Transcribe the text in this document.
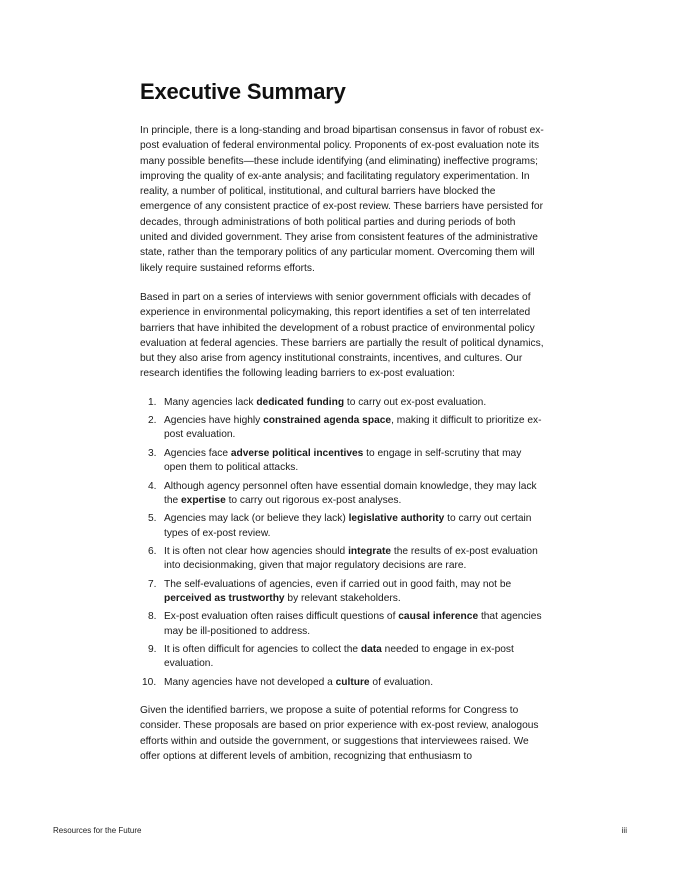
Executive Summary

In principle, there is a long-standing and broad bipartisan consensus in favor of robust ex-post evaluation of federal environmental policy. Proponents of ex-post evaluation note its many possible benefits—these include identifying (and eliminating) ineffective programs; improving the quality of ex-ante analysis; and facilitating regulatory experimentation. In reality, a number of political, institutional, and cultural barriers have blocked the emergence of any consistent practice of ex-post review. These barriers have persisted for decades, through administrations of both political parties and during periods of both united and divided government. They arise from consistent features of the administrative state, rather than the temporary politics of any particular moment. Overcoming them will likely require sustained reforms efforts.

Based in part on a series of interviews with senior government officials with decades of experience in environmental policymaking, this report identifies a set of ten interrelated barriers that have inhibited the development of a robust practice of environmental policy evaluation at federal agencies. These barriers are partially the result of political dynamics, but they also arise from agency institutional constraints, incentives, and cultures. Our research identifies the following leading barriers to ex-post evaluation:

1. Many agencies lack dedicated funding to carry out ex-post evaluation.
2. Agencies have highly constrained agenda space, making it difficult to prioritize ex-post evaluation.
3. Agencies face adverse political incentives to engage in self-scrutiny that may open them to political attacks.
4. Although agency personnel often have essential domain knowledge, they may lack the expertise to carry out rigorous ex-post analyses.
5. Agencies may lack (or believe they lack) legislative authority to carry out certain types of ex-post review.
6. It is often not clear how agencies should integrate the results of ex-post evaluation into decisionmaking, given that major regulatory decisions are rare.
7. The self-evaluations of agencies, even if carried out in good faith, may not be perceived as trustworthy by relevant stakeholders.
8. Ex-post evaluation often raises difficult questions of causal inference that agencies may be ill-positioned to address.
9. It is often difficult for agencies to collect the data needed to engage in ex-post evaluation.
10. Many agencies have not developed a culture of evaluation.

Given the identified barriers, we propose a suite of potential reforms for Congress to consider. These proposals are based on prior experience with ex-post review, analogous efforts within and outside the government, or suggestions that interviewees raised. We offer options at different levels of ambition, recognizing that enthusiasm to

Resources for the Future	iii
